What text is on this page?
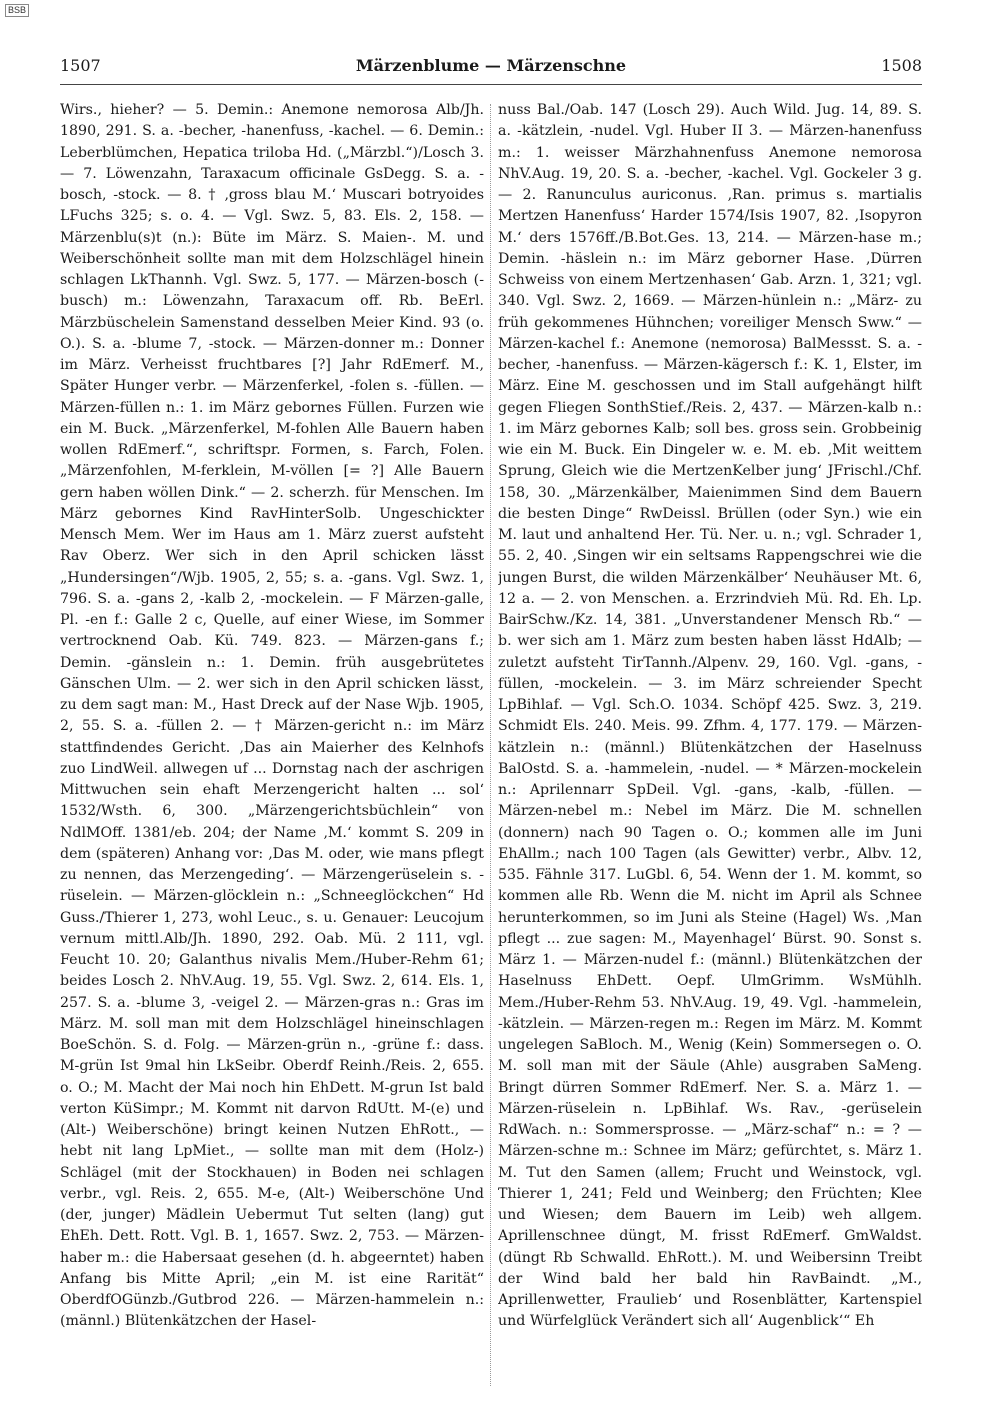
BSB
1507	Märzenblume — Märzenschne	1508

Wirs., hieher? — 5. Demin.: Anemone nemorosa Alb/Jh. 1890, 291. S. a. -becher, -hanenfuss, -kachel. — 6. Demin.: Leberblümchen, Hepatica triloba Hd. („Märzbl.“)/Losch 3. — 7. Löwenzahn, Taraxacum officinale GsDegg. S. a. -bosch, -stock. — 8. † ‚gross blau M.‘ Muscari botryoides LFuchs 325; s. o. 4. — Vgl. Swz. 5, 83. Els. 2, 158. — Märzenblu(s)t (n.): Büte im März. S. Maien-. M. und Weiberschönheit sollte man mit dem Holzschlägel hinein schlagen LkThannh. Vgl. Swz. 5, 177. — Märzen-bosch (-busch) m.: Löwenzahn, Taraxacum off. Rb. BeErl. Märzbüschelein Samenstand desselben Meier Kind. 93 (o. O.). S. a. -blume 7, -stock. — Märzen-donner m.: Donner im März. Verheisst fruchtbares [?] Jahr RdEmerf. M., Später Hunger verbr. — Märzenferkel, -folen s. -füllen. — Märzen-füllen n.: 1. im März gebornes Füllen. Furzen wie ein M. Buck. „Märzenferkel, M-fohlen Alle Bauern haben wollen RdEmerf.“, schriftspr. Formen, s. Farch, Folen. „Märzenfohlen, M-ferklein, M-völlen [= ?] Alle Bauern gern haben wöllen Dink.“ — 2. scherzh. für Menschen. Im März gebornes Kind RavHinterSolb. Ungeschickter Mensch Mem. Wer im Haus am 1. März zuerst aufsteht Rav Oberz. Wer sich in den April schicken lässt „Hundersingen“/Wjb. 1905, 2, 55; s. a. -gans. Vgl. Swz. 1, 796. S. a. -gans 2, -kalb 2, -mockelein. — F Märzen-galle, Pl. -en f.: Galle 2 c, Quelle, auf einer Wiese, im Sommer vertrocknend Oab. Kü. 749. 823. — Märzen-gans f.; Demin. -gänslein n.: 1. Demin. früh ausgebrütetes Gänschen Ulm. — 2. wer sich in den April schicken lässt, zu dem sagt man: M., Hast Dreck auf der Nase Wjb. 1905, 2, 55. S. a. -füllen 2. — † Märzen-gericht n.: im März stattfindendes Gericht. ‚Das ain Maierher des Kelnhofs zuo LindWeil. allwegen uf ... Dornstag nach der aschrigen Mittwuchen sein ehaft Merzengericht halten ... sol‘ 1532/Wsth. 6, 300. „Märzengerichtsbüchlein“ von NdlMOff. 1381/eb. 204; der Name ‚M.‘ kommt S. 209 in dem (späteren) Anhang vor: ‚Das M. oder, wie mans pflegt zu nennen, das Merzengeding‘. — Märzengerüselein s. -rüselein. — Märzen-glöcklein n.: „Schneeglöckchen“ Hd Guss./Thierer 1, 273, wohl Leuc., s. u. Genauer: Leucojum vernum mittl.Alb/Jh. 1890, 292. Oab. Mü. 2 111, vgl. Feucht 10. 20; Galanthus nivalis Mem./Huber-Rehm 61; beides Losch 2. NhV.Aug. 19, 55. Vgl. Swz. 2, 614. Els. 1, 257. S. a. -blume 3, -veigel 2. — Märzen-gras n.: Gras im März. M. soll man mit dem Holzschlägel hineinschlagen BoeSchön. S. d. Folg. — Märzen-grün n., -grüne f.: dass. M-grün Ist 9mal hin LkSeibr. Oberdf Reinh./Reis. 2, 655. o. O.; M. Macht der Mai noch hin EhDett. M-grun Ist bald verton KüSimpr.; M. Kommt nit darvon RdUtt. M-(e) und (Alt-) Weiberschöne) bringt keinen Nutzen EhRott., — hebt nit lang LpMiet., — sollte man mit dem (Holz-) Schlägel (mit der Stockhauen) in Boden nei schlagen verbr., vgl. Reis. 2, 655. M-e, (Alt-) Weiberschöne Und (der, junger) Mädlein Uebermut Tut selten (lang) gut EhEh. Dett. Rott. Vgl. B. 1, 1657. Swz. 2, 753. — Märzen-haber m.: die Habersaat gesehen (d. h. abgeerntet) haben Anfang bis Mitte April; „ein M. ist eine Rarität“ OberdfOGünzb./Gutbrod 226. — Märzen-hammelein n.: (männl.) Blütenkätzchen der Hasel-

nuss Bal./Oab. 147 (Losch 29). Auch Wild. Jug. 14, 89. S. a. -kätzlein, -nudel. Vgl. Huber II 3. — Märzen-hanenfuss m.: 1. weisser Märzhahnenfuss Anemone nemorosa NhV.Aug. 19, 20. S. a. -becher, -kachel. Vgl. Gockeler 3 g. — 2. Ranunculus auriconus. ‚Ran. primus s. martialis Mertzen Hanenfuss‘ Harder 1574/Isis 1907, 82. ‚Isopyron M.‘ ders 1576ff./B.Bot.Ges. 13, 214. — Märzen-hase m.; Demin. -häslein n.: im März geborner Hase. ‚Dürren Schweiss von einem Mertzenhasen‘ Gab. Arzn. 1, 321; vgl. 340. Vgl. Swz. 2, 1669. — Märzen-hünlein n.: „März- zu früh gekommenes Hühnchen; voreiliger Mensch Sww.“ — Märzen-kachel f.: Anemone (nemorosa) BalMessst. S. a. -becher, -hanenfuss. — Märzen-kägersch f.: K. 1, Elster, im März. Eine M. geschossen und im Stall aufgehängt hilft gegen Fliegen SonthStief./Reis. 2, 437. — Märzen-kalb n.: 1. im März gebornes Kalb; soll bes. gross sein. Grobbeinig wie ein M. Buck. Ein Dingeler w. e. M. eb. ‚Mit weittem Sprung, Gleich wie die MertzenKelber jung‘ JFrischl./Chf. 158, 30. „Märzenkälber, Maienimmen Sind dem Bauern die besten Dinge“ RwDeissl. Brüllen (oder Syn.) wie ein M. laut und anhaltend Her. Tü. Ner. u. n.; vgl. Schrader 1, 55. 2, 40. ‚Singen wir ein seltsams Rappengschrei wie die jungen Burst, die wilden Märzenkälber‘ Neuhäuser Mt. 6, 12 a. — 2. von Menschen. a. Erzrindvieh Mü. Rd. Eh. Lp. BairSchw./Kz. 14, 381. „Unverstandener Mensch Rb.“ — b. wer sich am 1. März zum besten haben lässt HdAlb; — zuletzt aufsteht TirTannh./Alpenv. 29, 160. Vgl. -gans, -füllen, -mockelein. — 3. im März schreiender Specht LpBihlaf. — Vgl. Sch.O. 1034. Schöpf 425. Swz. 3, 219. Schmidt Els. 240. Meis. 99. Zfhm. 4, 177. 179. — Märzen-kätzlein n.: (männl.) Blütenkätzchen der Haselnuss BalOstd. S. a. -hammelein, -nudel. — * Märzen-mockelein n.: Aprilennarr SpDeil. Vgl. -gans, -kalb, -füllen. — Märzen-nebel m.: Nebel im März. Die M. schnellen (donnern) nach 90 Tagen o. O.; kommen alle im Juni EhAllm.; nach 100 Tagen (als Gewitter) verbr., Albv. 12, 535. Fähnle 317. LuGbl. 6, 54. Wenn der 1. M. kommt, so kommen alle Rb. Wenn die M. nicht im April als Schnee herunterkommen, so im Juni als Steine (Hagel) Ws. ‚Man pflegt ... zue sagen: M., Mayenhagel‘ Bürst. 90. Sonst s. März 1. — Märzen-nudel f.: (männl.) Blütenkätzchen der Haselnuss EhDett. Oepf. UlmGrimm. WsMühlh. Mem./Huber-Rehm 53. NhV.Aug. 19, 49. Vgl. -hammelein, -kätzlein. — Märzen-regen m.: Regen im März. M. Kommt ungelegen SaBloch. M., Wenig (Kein) Sommersegen o. O. M. soll man mit der Säule (Ahle) ausgraben SaMeng. Bringt dürren Sommer RdEmerf. Ner. S. a. März 1. — Märzen-rüselein n. LpBihlaf. Ws. Rav., -gerüselein RdWach. n.: Sommersprosse. — „März-schaf“ n.: = ? — Märzen-schne m.: Schnee im März; gefürchtet, s. März 1. M. Tut den Samen (allem; Frucht und Weinstock, vgl. Thierer 1, 241; Feld und Weinberg; den Früchten; Klee und Wiesen; dem Bauern im Leib) weh allgem. Aprillenschnee düngt, M. frisst RdEmerf. GmWaldst. (düngt Rb Schwalld. EhRott.). M. und Weibersinn Treibt der Wind bald her bald hin RavBaindt. „M., Aprillenwetter, Fraulieb‘ und Rosenblätter, Kartenspiel und Würfelglück Verändert sich all‘ Augenblick‘“ Eh
